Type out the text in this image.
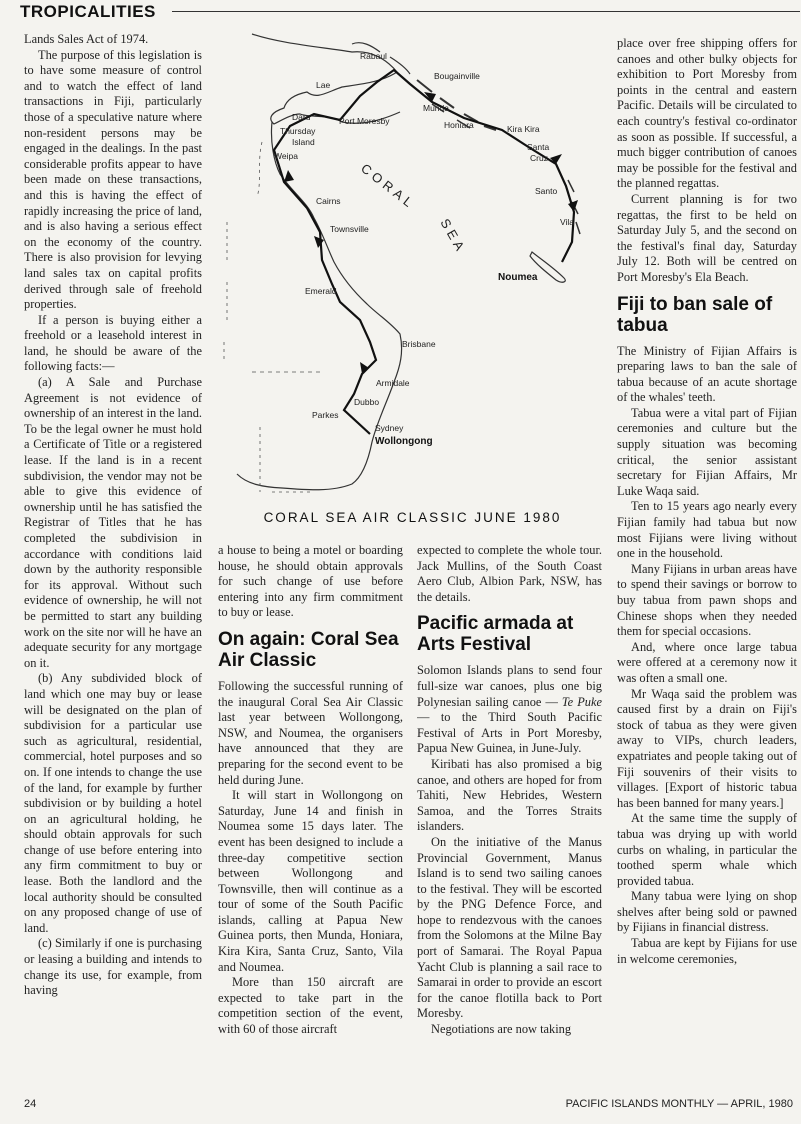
TROPICALITIES

Lands Sales Act of 1974.

The purpose of this legislation is to have some measure of control and to watch the effect of land transactions in Fiji, particularly those of a speculative nature where non-resident persons may be engaged in the dealings. In the past considerable profits appear to have been made on these transactions, and this is having the effect of rapidly increasing the price of land, and is also having a serious effect on the economy of the country. There is also provision for levying land sales tax on capital profits derived through sale of freehold properties.

If a person is buying either a freehold or a leasehold interest in land, he should be aware of the following facts:—

(a) A Sale and Purchase Agreement is not evidence of ownership of an interest in the land. To be the legal owner he must hold a Certificate of Title or a registered lease. If the land is in a recent subdivision, the vendor may not be able to give this evidence of ownership until he has satisfied the Registrar of Titles that he has completed the subdivision in accordance with conditions laid down by the authority responsible for its approval. Without such evidence of ownership, he will not be permitted to start any building work on the site nor will he have an adequate security for any mortgage on it.

(b) Any subdivided block of land which one may buy or lease will be designated on the plan of subdivision for a particular use such as agricultural, residential, commercial, hotel purposes and so on. If one intends to change the use of the land, for example by further subdivision or by building a hotel on an agricultural holding, he should obtain approvals for such change of use before entering into any firm commitment to buy or lease. Both the landlord and the local authority should be consulted on any proposed change of use of land.

(c) Similarly if one is purchasing or leasing a building and intends to change its use, for example, from having

Rabaul
Bougainville
Lae
Daru	Port Moresby
Munda
Honiara	Kira Kira
Thursday
Island
Weipa
Santa
Cruz
Santo
Vila
Cairns
Townsville
Noumea
Emerald
Brisbane
Armidale
Dubbo
Parkes
Sydney
Wollongong
CORAL
SEA
CORAL SEA AIR CLASSIC JUNE 1980

a house to being a motel or boarding house, he should obtain approvals for such change of use before entering into any firm commitment to buy or lease.

On again: Coral Sea Air Classic

Following the successful running of the inaugural Coral Sea Air Classic last year between Wollongong, NSW, and Noumea, the organisers have announced that they are preparing for the second event to be held during June.

It will start in Wollongong on Saturday, June 14 and finish in Noumea some 15 days later. The event has been designed to include a three-day competitive section between Wollongong and Townsville, then will continue as a tour of some of the South Pacific islands, calling at Papua New Guinea ports, then Munda, Honiara, Kira Kira, Santa Cruz, Santo, Vila and Noumea.

More than 150 aircraft are expected to take part in the competition section of the event, with 60 of those aircraft

expected to complete the whole tour. Jack Mullins, of the South Coast Aero Club, Albion Park, NSW, has the details.

Pacific armada at Arts Festival

Solomon Islands plans to send four full-size war canoes, plus one big Polynesian sailing canoe — Te Puke — to the Third South Pacific Festival of Arts in Port Moresby, Papua New Guinea, in June-July.

Kiribati has also promised a big canoe, and others are hoped for from Tahiti, New Hebrides, Western Samoa, and the Torres Straits islanders.

On the initiative of the Manus Provincial Government, Manus Island is to send two sailing canoes to the festival. They will be escorted by the PNG Defence Force, and hope to rendezvous with the canoes from the Solomons at the Milne Bay port of Samarai. The Royal Papua Yacht Club is planning a sail race to Samarai in order to provide an escort for the canoe flotilla back to Port Moresby.

Negotiations are now taking

place over free shipping offers for canoes and other bulky objects for exhibition to Port Moresby from points in the central and eastern Pacific. Details will be circulated to each country's festival co-ordinator as soon as possible. If successful, a much bigger contribution of canoes may be possible for the festival and the planned regattas.

Current planning is for two regattas, the first to be held on Saturday July 5, and the second on the festival's final day, Saturday July 12. Both will be centred on Port Moresby's Ela Beach.

Fiji to ban sale of tabua

The Ministry of Fijian Affairs is preparing laws to ban the sale of tabua because of an acute shortage of the whales' teeth.

Tabua were a vital part of Fijian ceremonies and culture but the supply situation was becoming critical, the senior assistant secretary for Fijian Affairs, Mr Luke Waqa said.

Ten to 15 years ago nearly every Fijian family had tabua but now most Fijians were living without one in the household.

Many Fijians in urban areas have to spend their savings or borrow to buy tabua from pawn shops and Chinese shops when they needed them for special occasions.

And, where once large tabua were offered at a ceremony now it was often a small one.

Mr Waqa said the problem was caused first by a drain on Fiji's stock of tabua as they were given away to VIPs, church leaders, expatriates and people taking out of Fiji souvenirs of their visits to villages. [Export of historic tabua has been banned for many years.]

At the same time the supply of tabua was drying up with world curbs on whaling, in particular the toothed sperm whale which provided tabua.

Many tabua were lying on shop shelves after being sold or pawned by Fijians in financial distress.

Tabua are kept by Fijians for use in welcome ceremonies,

24	PACIFIC ISLANDS MONTHLY — APRIL, 1980
